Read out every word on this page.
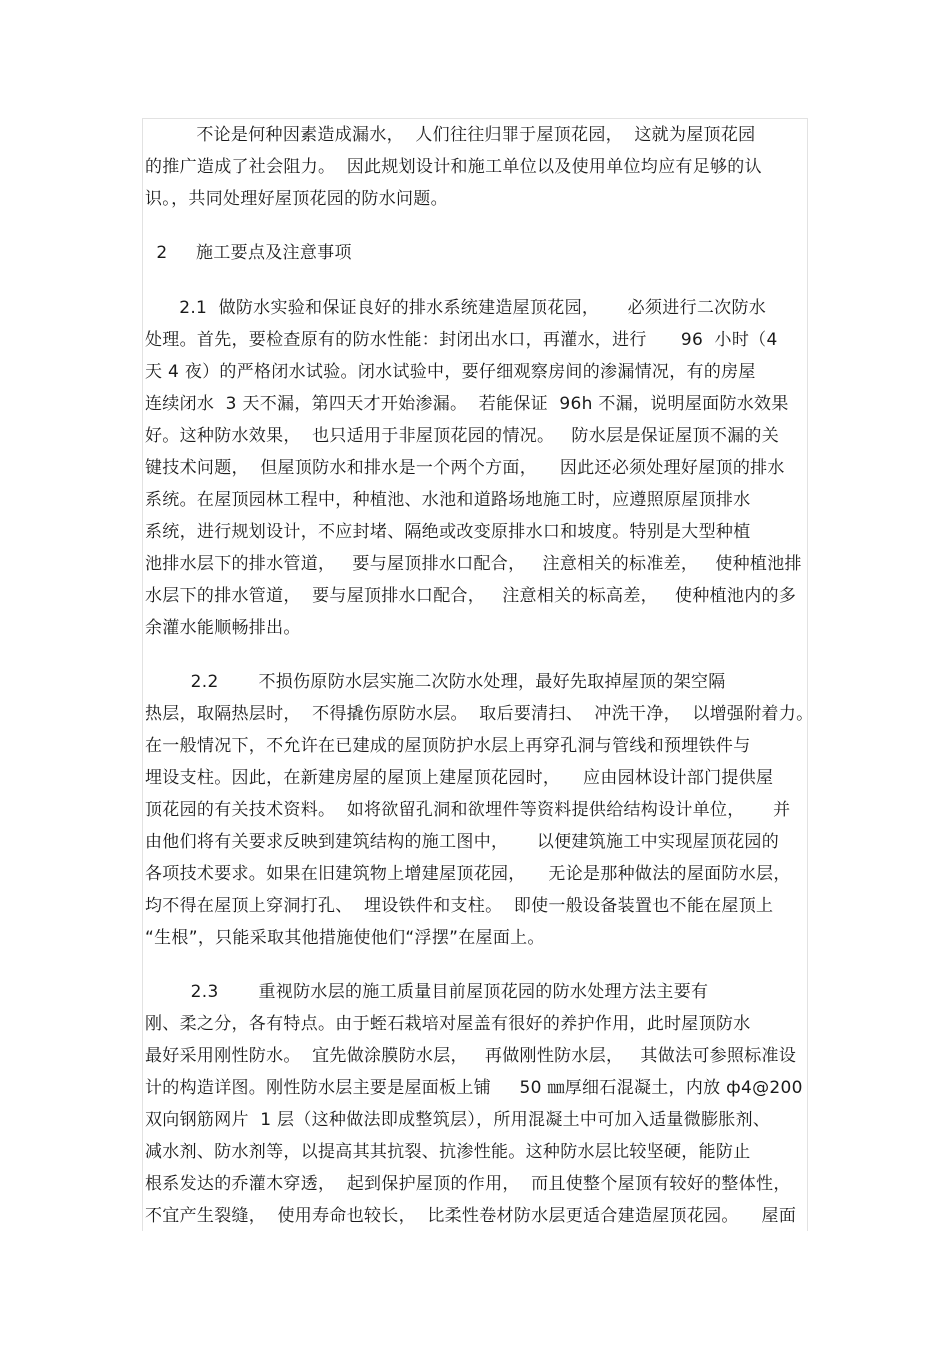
不论是何种因素造成漏水，  人们往往归罪于屋顶花园，  这就为屋顶花园
的推广造成了社会阻力。  因此规划设计和施工单位以及使用单位均应有足够的认
识。，共同处理好屋顶花园的防水问题。
2     施工要点及注意事项
2.1  做防水实验和保证良好的排水系统建造屋顶花园，     必须进行二次防水
处理。首先，要检查原有的防水性能：封闭出水口，再灌水，进行      96  小时（4
天 4 夜）的严格闭水试验。闭水试验中，要仔细观察房间的渗漏情况，有的房屋
连续闭水  3 天不漏，第四天才开始渗漏。  若能保证  96h 不漏，说明屋面防水效果
好。这种防水效果，  也只适用于非屋顶花园的情况。   防水层是保证屋顶不漏的关
键技术问题，  但屋顶防水和排水是一个两个方面，    因此还必须处理好屋顶的排水
系统。在屋顶园林工程中，种植池、水池和道路场地施工时，应遵照原屋顶排水
系统，进行规划设计，不应封堵、隔绝或改变原排水口和坡度。特别是大型种植
池排水层下的排水管道，   要与屋顶排水口配合，   注意相关的标准差，   使种植池排
水层下的排水管道，  要与屋顶排水口配合，   注意相关的标高差，   使种植池内的多
余灌水能顺畅排出。
2.2       不损伤原防水层实施二次防水处理，最好先取掉屋顶的架空隔
热层，取隔热层时，  不得撬伤原防水层。  取后要清扫、  冲洗干净，  以增强附着力。
在一般情况下，不允许在已建成的屋顶防护水层上再穿孔洞与管线和预埋铁件与
埋设支柱。因此，在新建房屋的屋顶上建屋顶花园时，    应由园林设计部门提供屋
顶花园的有关技术资料。  如将欲留孔洞和欲埋件等资料提供给结构设计单位，     并
由他们将有关要求反映到建筑结构的施工图中，     以便建筑施工中实现屋顶花园的
各项技术要求。如果在旧建筑物上增建屋顶花园，    无论是那种做法的屋面防水层，
均不得在屋顶上穿洞打孔、  埋设铁件和支柱。  即使一般设备装置也不能在屋顶上
“生根”，只能采取其他措施使他们“浮摆”在屋面上。
2.3       重视防水层的施工质量目前屋顶花园的防水处理方法主要有
刚、柔之分，各有特点。由于蛭石栽培对屋盖有很好的养护作用，此时屋顶防水
最好采用刚性防水。  宜先做涂膜防水层，   再做刚性防水层，   其做法可参照标准设
计的构造详图。刚性防水层主要是屋面板上铺     50 ㎜厚细石混凝土，内放 ф4@200
双向钢筋网片  1 层（这种做法即成整筑层），所用混凝土中可加入适量微膨胀剂、
减水剂、防水剂等，以提高其其抗裂、抗渗性能。这种防水层比较坚硬，能防止
根系发达的乔灌木穿透，  起到保护屋顶的作用，  而且使整个屋顶有较好的整体性，
不宜产生裂缝，  使用寿命也较长，  比柔性卷材防水层更适合建造屋顶花园。    屋面
